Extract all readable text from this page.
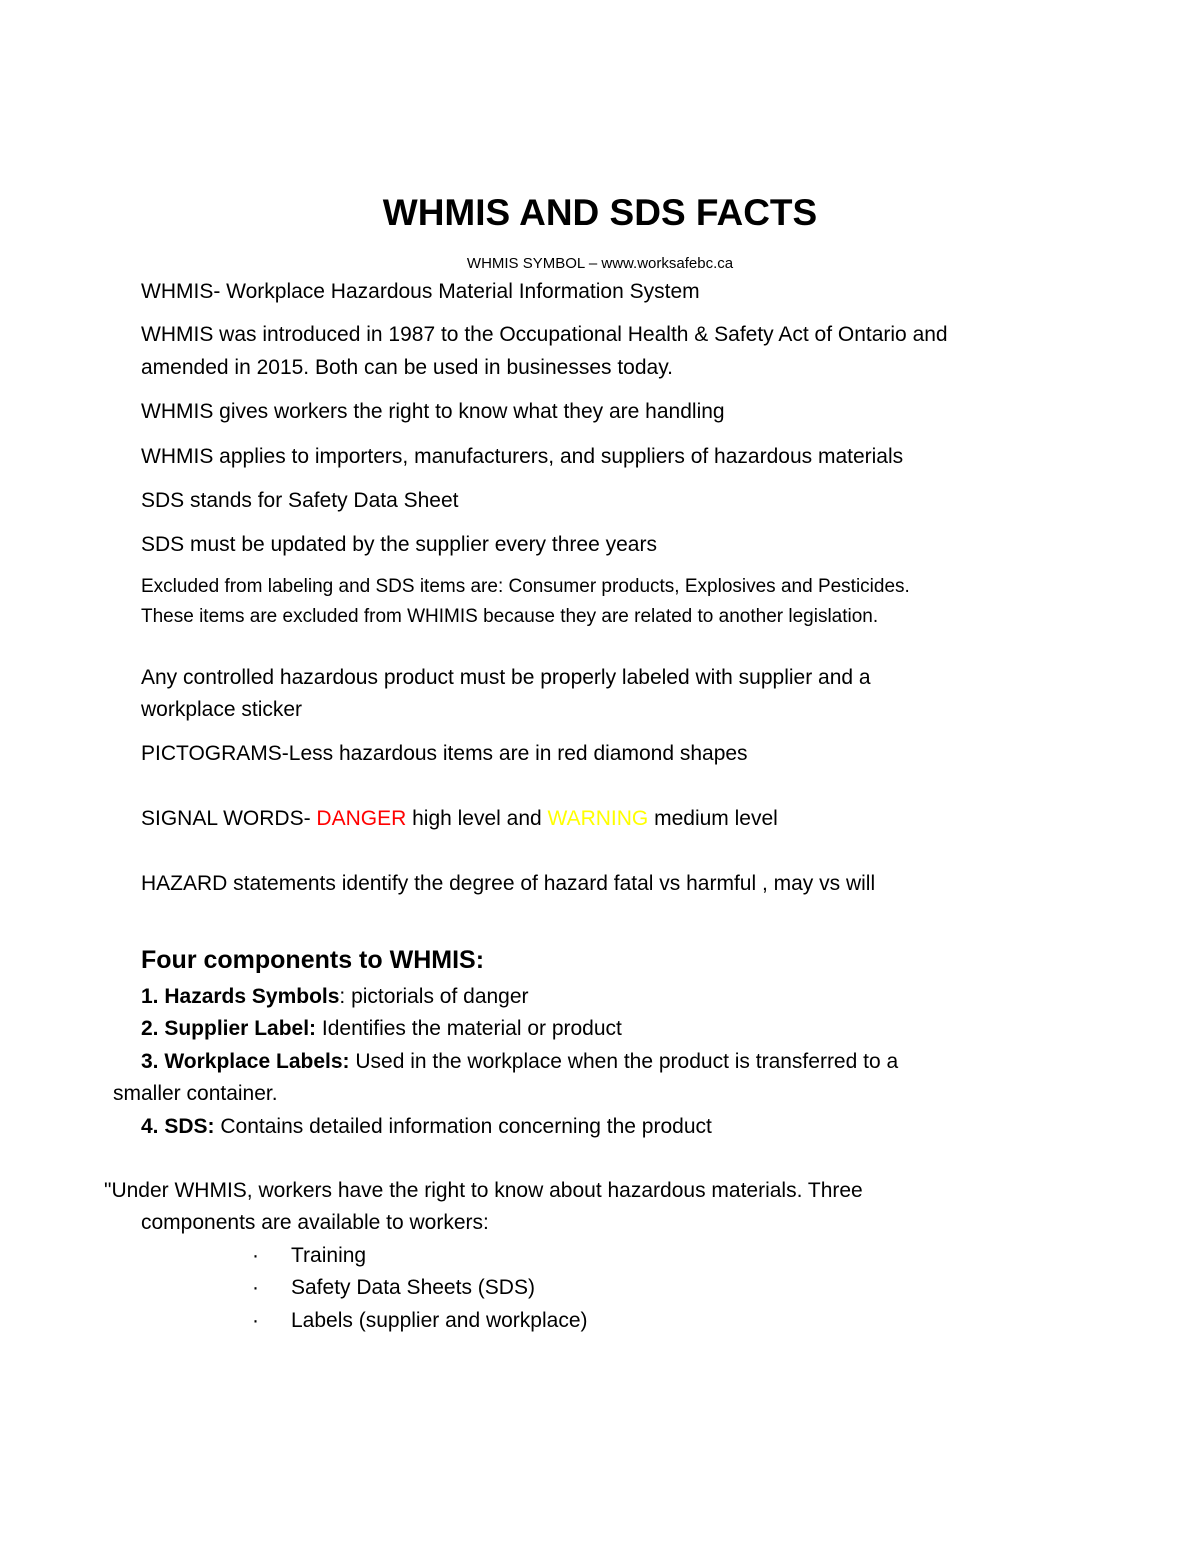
WHMIS AND SDS FACTS
WHMIS SYMBOL – www.worksafebc.ca
WHMIS- Workplace Hazardous Material Information System
WHMIS was introduced in 1987 to the Occupational Health & Safety Act of Ontario and
amended in 2015. Both can be used in businesses today.
WHMIS gives workers the right to know what they are handling
WHMIS applies to importers, manufacturers, and suppliers of hazardous materials
SDS stands for Safety Data Sheet
SDS must be updated by the supplier every three years
Excluded from labeling and SDS items are: Consumer products, Explosives and Pesticides.
These items are excluded from WHIMIS because they are related to another legislation.
Any controlled hazardous product must be properly labeled with supplier and a
workplace sticker
PICTOGRAMS-Less hazardous items are in red diamond shapes
SIGNAL WORDS- DANGER high level and WARNING medium level
HAZARD statements identify the degree of hazard fatal vs harmful , may vs will
Four components to WHMIS:
1. Hazards Symbols: pictorials of danger
2. Supplier Label: Identifies the material or product
3. Workplace Labels: Used in the workplace when the product is transferred to a
smaller container.
4. SDS: Contains detailed information concerning the product
"Under WHMIS, workers have the right to know about hazardous materials. Three
components are available to workers:
· Training
· Safety Data Sheets (SDS)
· Labels (supplier and workplace)
